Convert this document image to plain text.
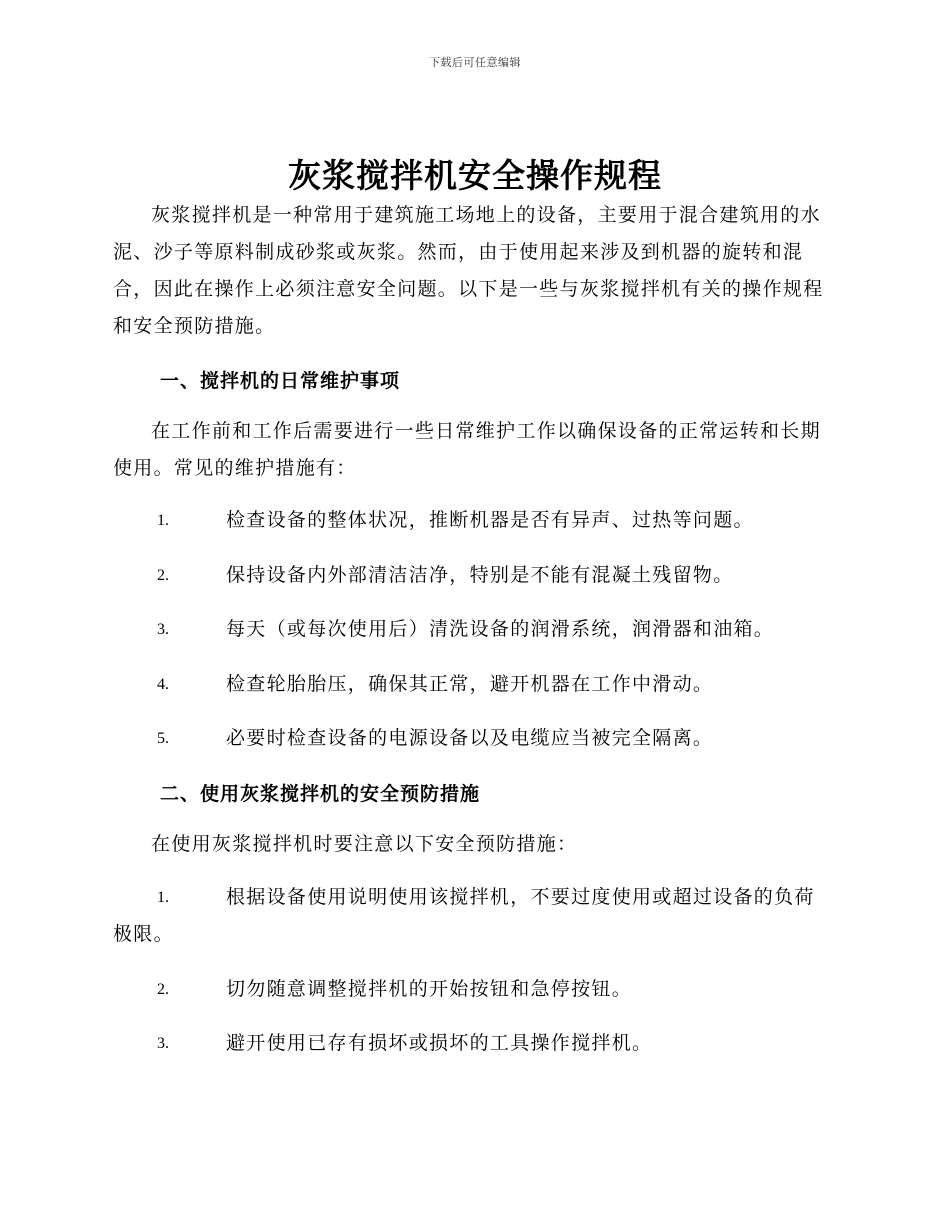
下载后可任意编辑
灰浆搅拌机安全操作规程
灰浆搅拌机是一种常用于建筑施工场地上的设备，主要用于混合建筑用的水泥、沙子等原料制成砂浆或灰浆。然而，由于使用起来涉及到机器的旋转和混合，因此在操作上必须注意安全问题。以下是一些与灰浆搅拌机有关的操作规程和安全预防措施。
一、搅拌机的日常维护事项
在工作前和工作后需要进行一些日常维护工作以确保设备的正常运转和长期使用。常见的维护措施有：
1.	检查设备的整体状况，推断机器是否有异声、过热等问题。
2.	保持设备内外部清洁洁净，特别是不能有混凝土残留物。
3.	每天（或每次使用后）清洗设备的润滑系统，润滑器和油箱。
4.	检查轮胎胎压，确保其正常，避开机器在工作中滑动。
5.	必要时检查设备的电源设备以及电缆应当被完全隔离。
二、使用灰浆搅拌机的安全预防措施
在使用灰浆搅拌机时要注意以下安全预防措施：
1.	根据设备使用说明使用该搅拌机，不要过度使用或超过设备的负荷极限。
2.	切勿随意调整搅拌机的开始按钮和急停按钮。
3.	避开使用已存有损坏或损坏的工具操作搅拌机。
